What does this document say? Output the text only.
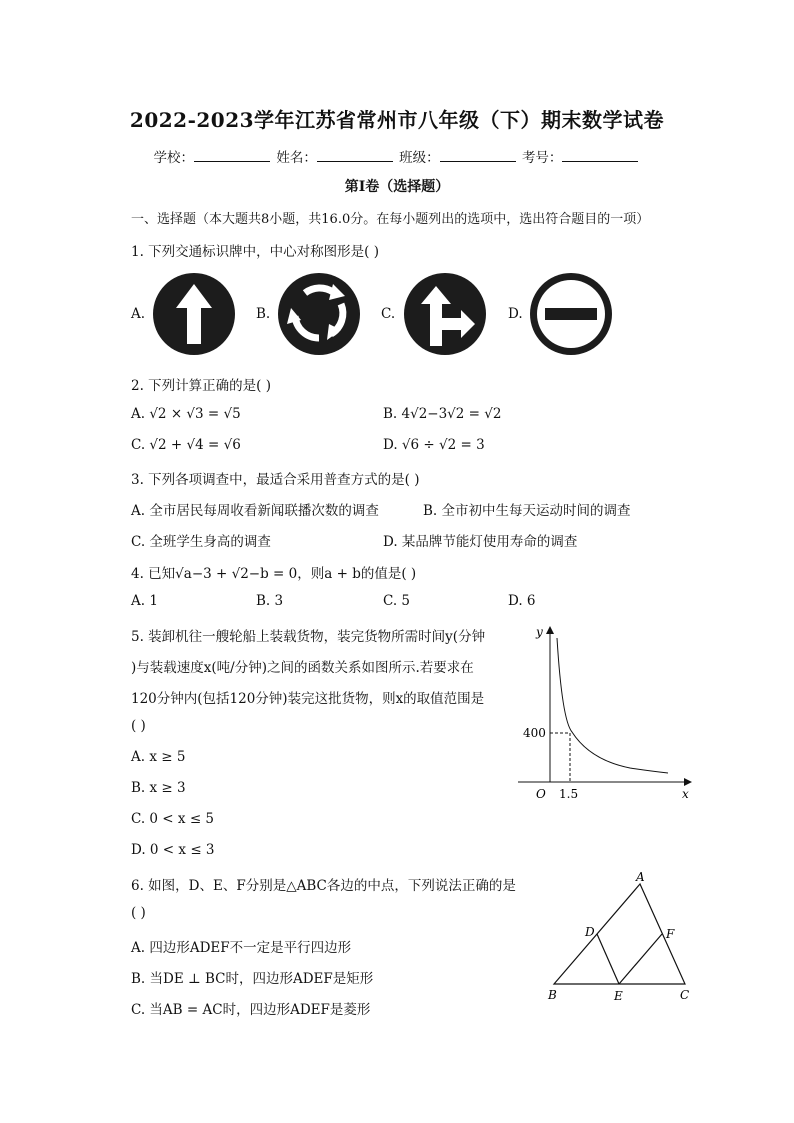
2022-2023学年江苏省常州市八年级（下）期末数学试卷
学校：	姓名：	班级：	考号：
第Ⅰ卷（选择题）
一、选择题（本大题共8小题，共16.0分。在每小题列出的选项中，选出符合题目的一项）
1. 下列交通标识牌中，中心对称图形是( )
A.	B.	C.	D.
2. 下列计算正确的是( )
A. √2 × √3 = √5	B. 4√2−3√2 = √2
C. √2 + √4 = √6	D. √6 ÷ √2 = 3
3. 下列各项调查中，最适合采用普查方式的是( )
A. 全市居民每周收看新闻联播次数的调查	B. 全市初中生每天运动时间的调查
C. 全班学生身高的调查	D. 某品牌节能灯使用寿命的调查
4. 已知√a−3 + √2−b = 0，则a + b的值是( )
A. 1	B. 3	C. 5	D. 6
5. 装卸机往一艘轮船上装载货物，装完货物所需时间y(分钟
)与装载速度x(吨/分钟)之间的函数关系如图所示.若要求在
120分钟内(包括120分钟)装完这批货物，则x的取值范围是
( )
A. x ≥ 5
B. x ≥ 3
C. 0 < x ≤ 5
D. 0 < x ≤ 3
y
x
O
400
1.5
6. 如图，D、E、F分别是△ABC各边的中点，下列说法正确的是
( )
A. 四边形ADEF不一定是平行四边形
B. 当DE ⊥ BC时，四边形ADEF是矩形
C. 当AB = AC时，四边形ADEF是菱形
A
B	C
D
E
F
